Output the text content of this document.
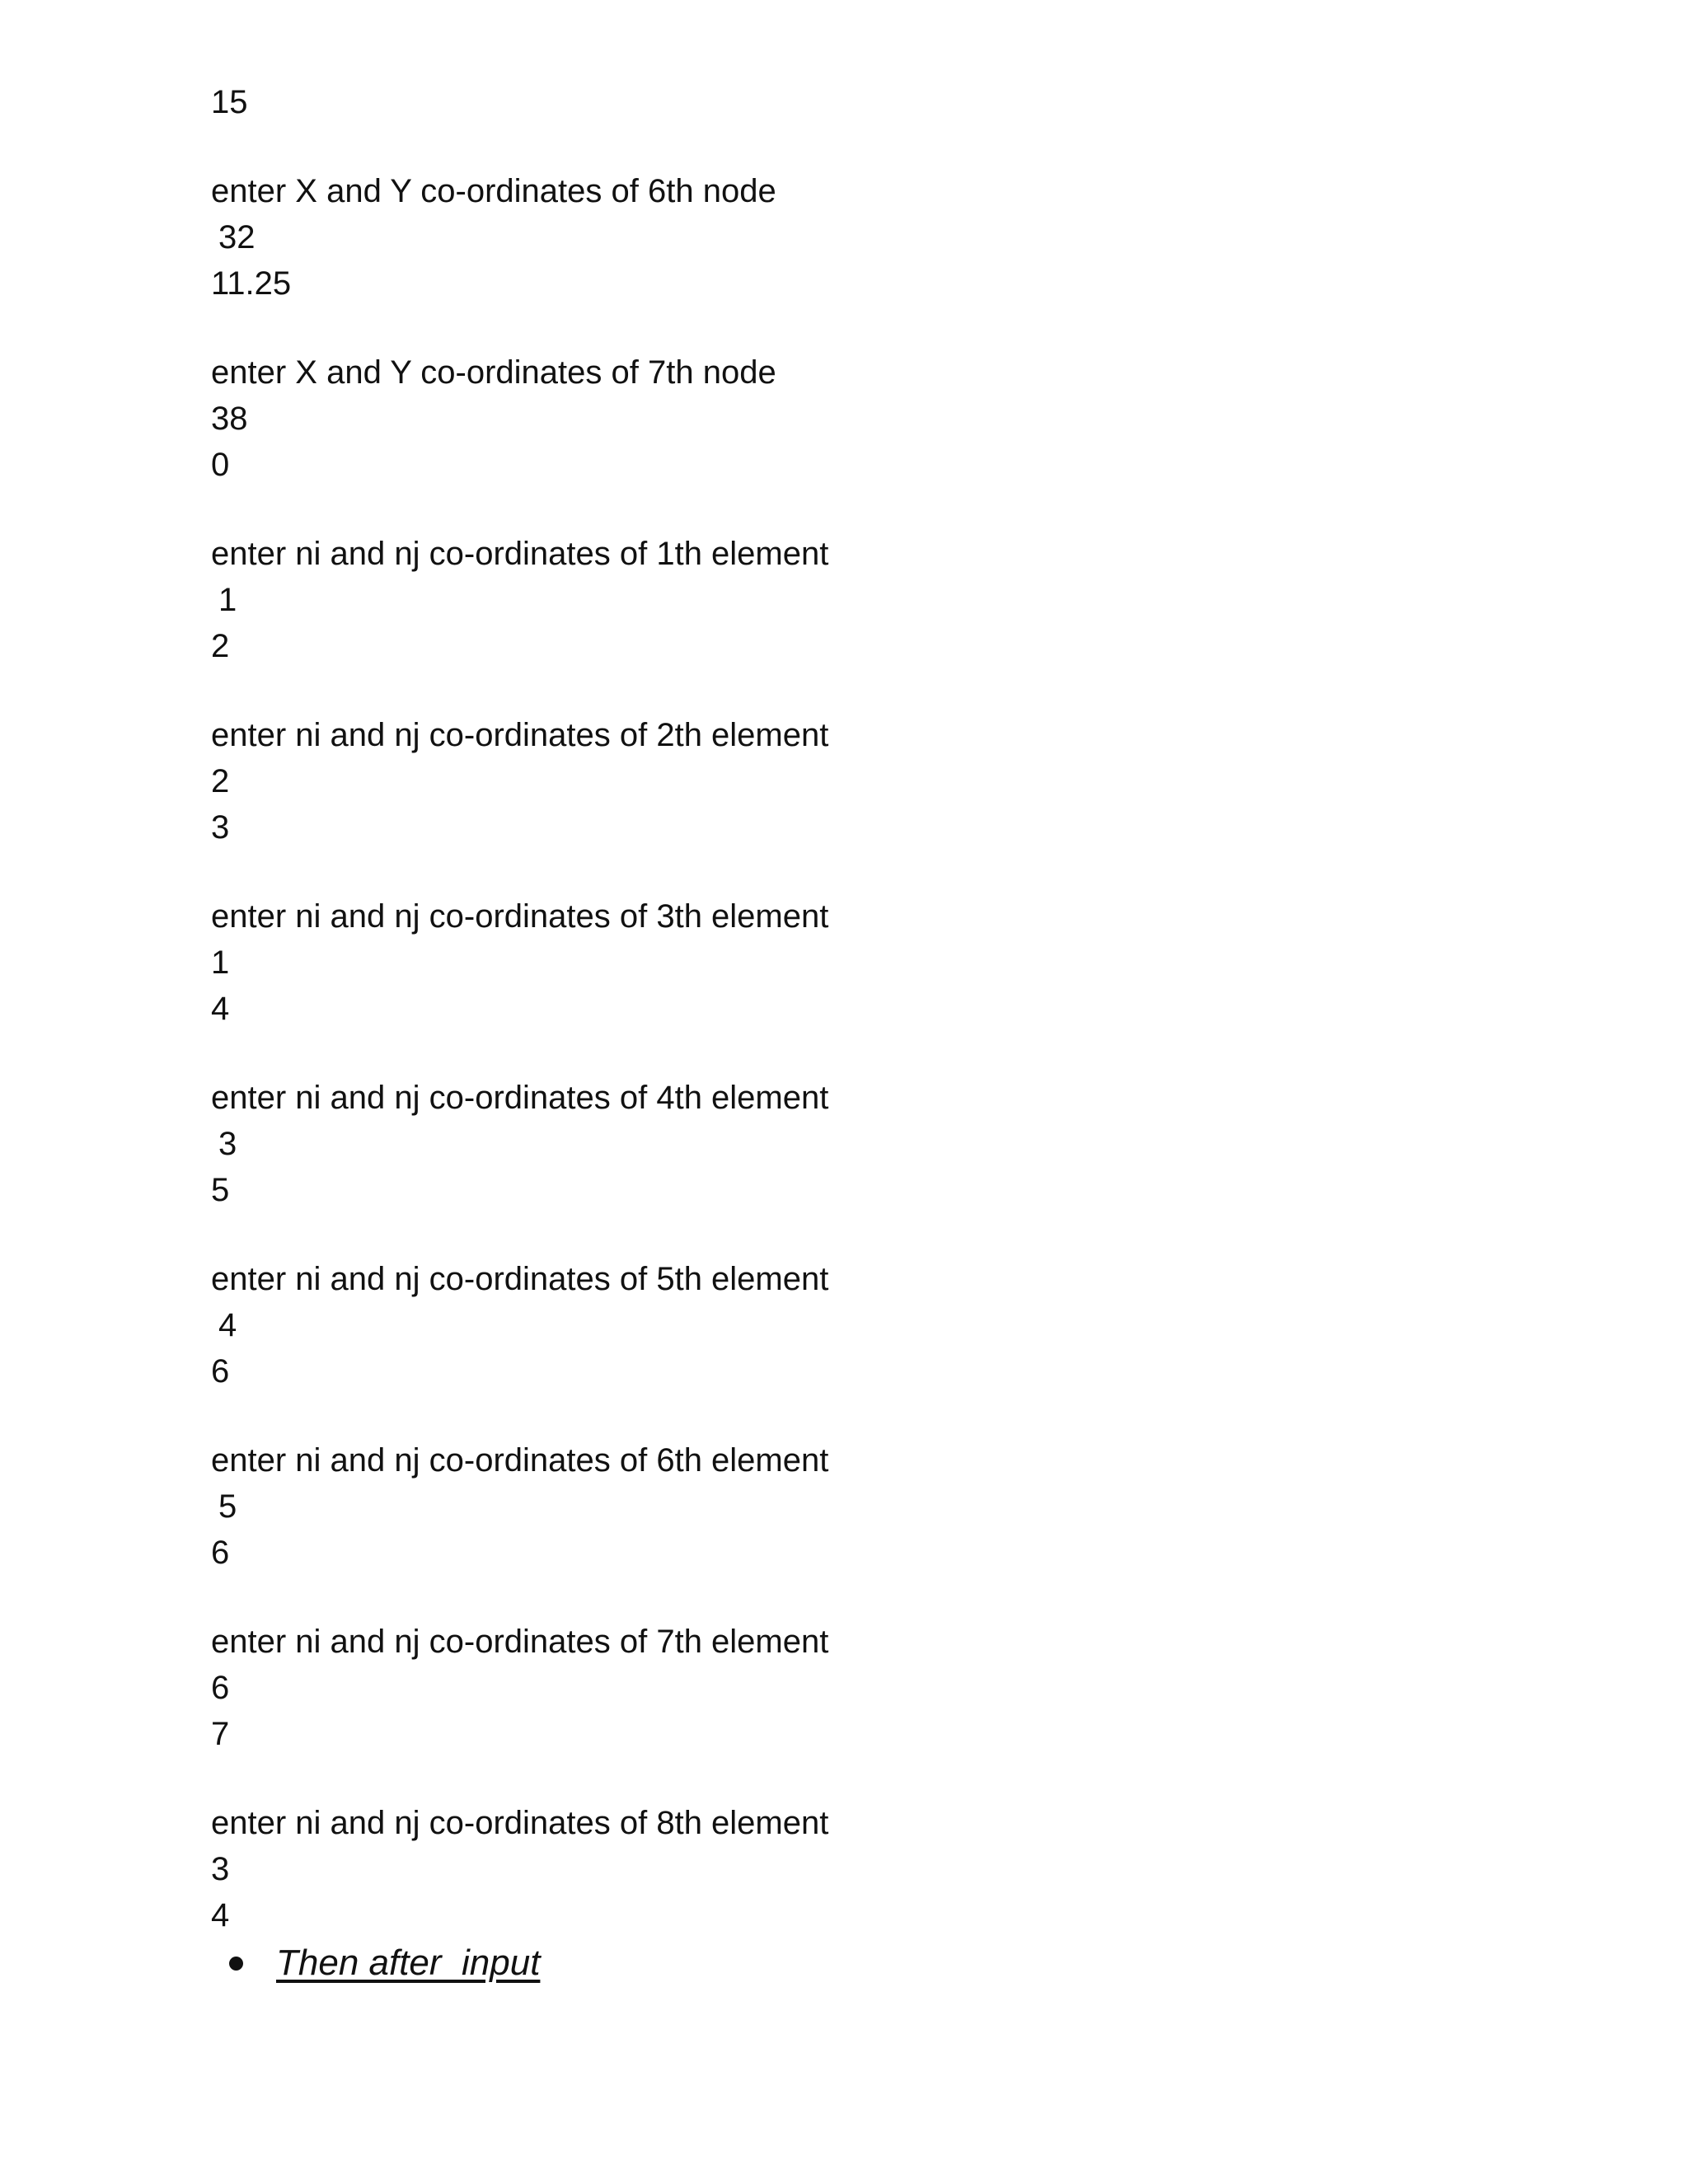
15
enter X and Y co-ordinates of 6th node
32
11.25
enter X and Y co-ordinates of 7th node
38
0
enter ni and nj co-ordinates of 1th element
1
2
enter ni and nj co-ordinates of 2th element
2
3
enter ni and nj co-ordinates of 3th element
1
4
enter ni and nj co-ordinates of 4th element
3
5
enter ni and nj co-ordinates of 5th element
4
6
enter ni and nj co-ordinates of 6th element
5
6
enter ni and nj co-ordinates of 7th element
6
7
enter ni and nj co-ordinates of 8th element
3
4
Then after  input
